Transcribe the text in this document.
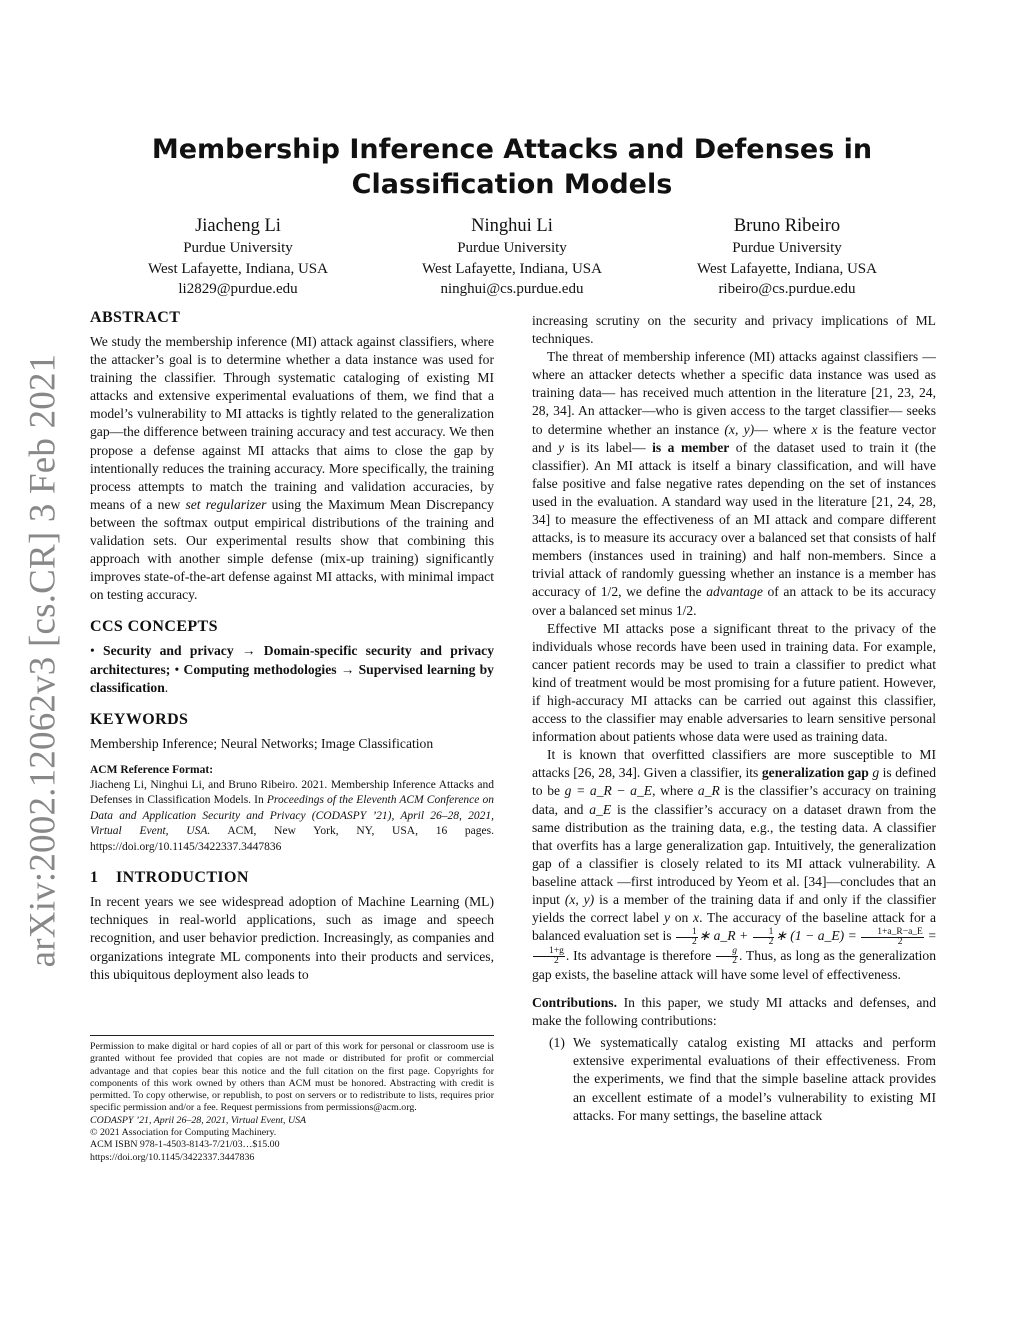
arXiv:2002.12062v3 [cs.CR] 3 Feb 2021
Membership Inference Attacks and Defenses in Classification Models
Jiacheng Li
Purdue University
West Lafayette, Indiana, USA
li2829@purdue.edu
Ninghui Li
Purdue University
West Lafayette, Indiana, USA
ninghui@cs.purdue.edu
Bruno Ribeiro
Purdue University
West Lafayette, Indiana, USA
ribeiro@cs.purdue.edu
ABSTRACT

We study the membership inference (MI) attack against classifiers, where the attacker’s goal is to determine whether a data instance was used for training the classifier. Through systematic cataloging of existing MI attacks and extensive experimental evaluations of them, we find that a model’s vulnerability to MI attacks is tightly related to the generalization gap—the difference between training accuracy and test accuracy. We then propose a defense against MI attacks that aims to close the gap by intentionally reduces the training accuracy. More specifically, the training process attempts to match the training and validation accuracies, by means of a new set regularizer using the Maximum Mean Discrepancy between the softmax output empirical distributions of the training and validation sets. Our experimental results show that combining this approach with another simple defense (mix-up training) significantly improves state-of-the-art defense against MI attacks, with minimal impact on testing accuracy.

CCS CONCEPTS

• Security and privacy → Domain-specific security and privacy architectures; • Computing methodologies → Supervised learning by classification.

KEYWORDS

Membership Inference; Neural Networks; Image Classification

ACM Reference Format:

Jiacheng Li, Ninghui Li, and Bruno Ribeiro. 2021. Membership Inference Attacks and Defenses in Classification Models. In Proceedings of the Eleventh ACM Conference on Data and Application Security and Privacy (CODASPY ’21), April 26–28, 2021, Virtual Event, USA. ACM, New York, NY, USA, 16 pages. https://doi.org/10.1145/3422337.3447836

1 INTRODUCTION

In recent years we see widespread adoption of Machine Learning (ML) techniques in real-world applications, such as image and speech recognition, and user behavior prediction. Increasingly, as companies and organizations integrate ML components into their products and services, this ubiquitous deployment also leads to

Permission to make digital or hard copies of all or part of this work for personal or classroom use is granted without fee provided that copies are not made or distributed for profit or commercial advantage and that copies bear this notice and the full citation on the first page. Copyrights for components of this work owned by others than ACM must be honored. Abstracting with credit is permitted. To copy otherwise, or republish, to post on servers or to redistribute to lists, requires prior specific permission and/or a fee. Request permissions from permissions@acm.org.

CODASPY ’21, April 26–28, 2021, Virtual Event, USA
© 2021 Association for Computing Machinery.
ACM ISBN 978-1-4503-8143-7/21/03…$15.00
https://doi.org/10.1145/3422337.3447836

increasing scrutiny on the security and privacy implications of ML techniques.

The threat of membership inference (MI) attacks against classifiers — where an attacker detects whether a specific data instance was used as training data— has received much attention in the literature [21, 23, 24, 28, 34]. An attacker—who is given access to the target classifier— seeks to determine whether an instance (x, y)— where x is the feature vector and y is its label— is a member of the dataset used to train it (the classifier). An MI attack is itself a binary classification, and will have false positive and false negative rates depending on the set of instances used in the evaluation. A standard way used in the literature [21, 24, 28, 34] to measure the effectiveness of an MI attack and compare different attacks, is to measure its accuracy over a balanced set that consists of half members (instances used in training) and half non-members. Since a trivial attack of randomly guessing whether an instance is a member has accuracy of 1/2, we define the advantage of an attack to be its accuracy over a balanced set minus 1/2.

Effective MI attacks pose a significant threat to the privacy of the individuals whose records have been used in training data. For example, cancer patient records may be used to train a classifier to predict what kind of treatment would be most promising for a future patient. However, if high-accuracy MI attacks can be carried out against this classifier, access to the classifier may enable adversaries to learn sensitive personal information about patients whose data were used as training data.

It is known that overfitted classifiers are more susceptible to MI attacks [26, 28, 34]. Given a classifier, its generalization gap g is defined to be g = a_R − a_E, where a_R is the classifier’s accuracy on training data, and a_E is the classifier’s accuracy on a dataset drawn from the same distribution as the training data, e.g., the testing data. A classifier that overfits has a large generalization gap. Intuitively, the generalization gap of a classifier is closely related to its MI attack vulnerability. A baseline attack —first introduced by Yeom et al. [34]—concludes that an input (x, y) is a member of the training data if and only if the classifier yields the correct label y on x. The accuracy of the baseline attack for a balanced evaluation set is $\frac{1}{2}$ ∗ a_R + $\frac{1}{2}$ ∗ (1 − a_E) = $\frac{1+a\_R-a\_E}{2}$ =
$\frac{1+g}{2}$ . Its advantage is therefore $\frac{g}{2}$ . Thus, as long as the generalization gap exists, the baseline attack will have some level of effectiveness.

Contributions. In this paper, we study MI attacks and defenses, and make the following contributions:

(1) We systematically catalog existing MI attacks and perform extensive experimental evaluations of their effectiveness. From the experiments, we find that the simple baseline attack provides an excellent estimate of a model’s vulnerability to existing MI attacks. For many settings, the baseline attack
